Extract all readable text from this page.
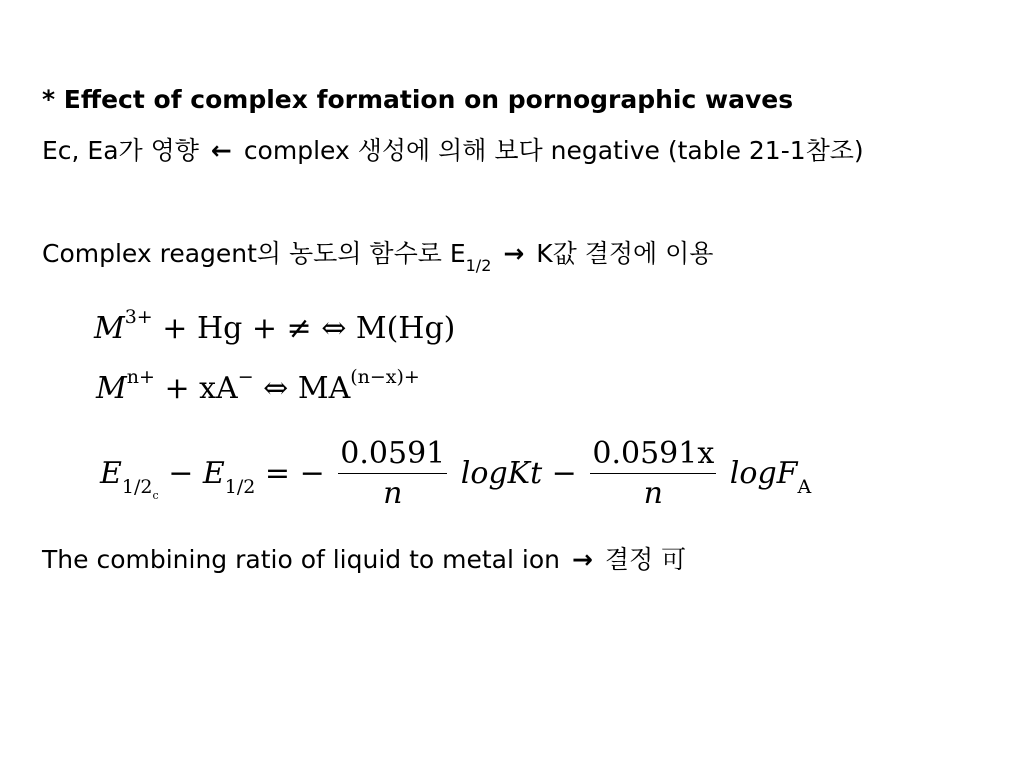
* Effect of complex formation on pornographic waves
Ec, Ea가 영향 ← complex 생성에 의해 보다 negative (table 21-1참조)
Complex reagent의 농도의 함수로 $E_{1/2} \to K$값 결정에 이용
$M^{3+} + Hg$ + ≠ ⇔ M(Hg)
$M^{n+} + xA^-$ ⇔ $MA^{(n-x)+}$
$E_{1/2c} - E_{1/2}$ = − $\frac{0.0591}{n}$ logKt − $\frac{0.0591x}{n} \log F_A$
The combining ratio of liquid to metal ion → 결정 可
